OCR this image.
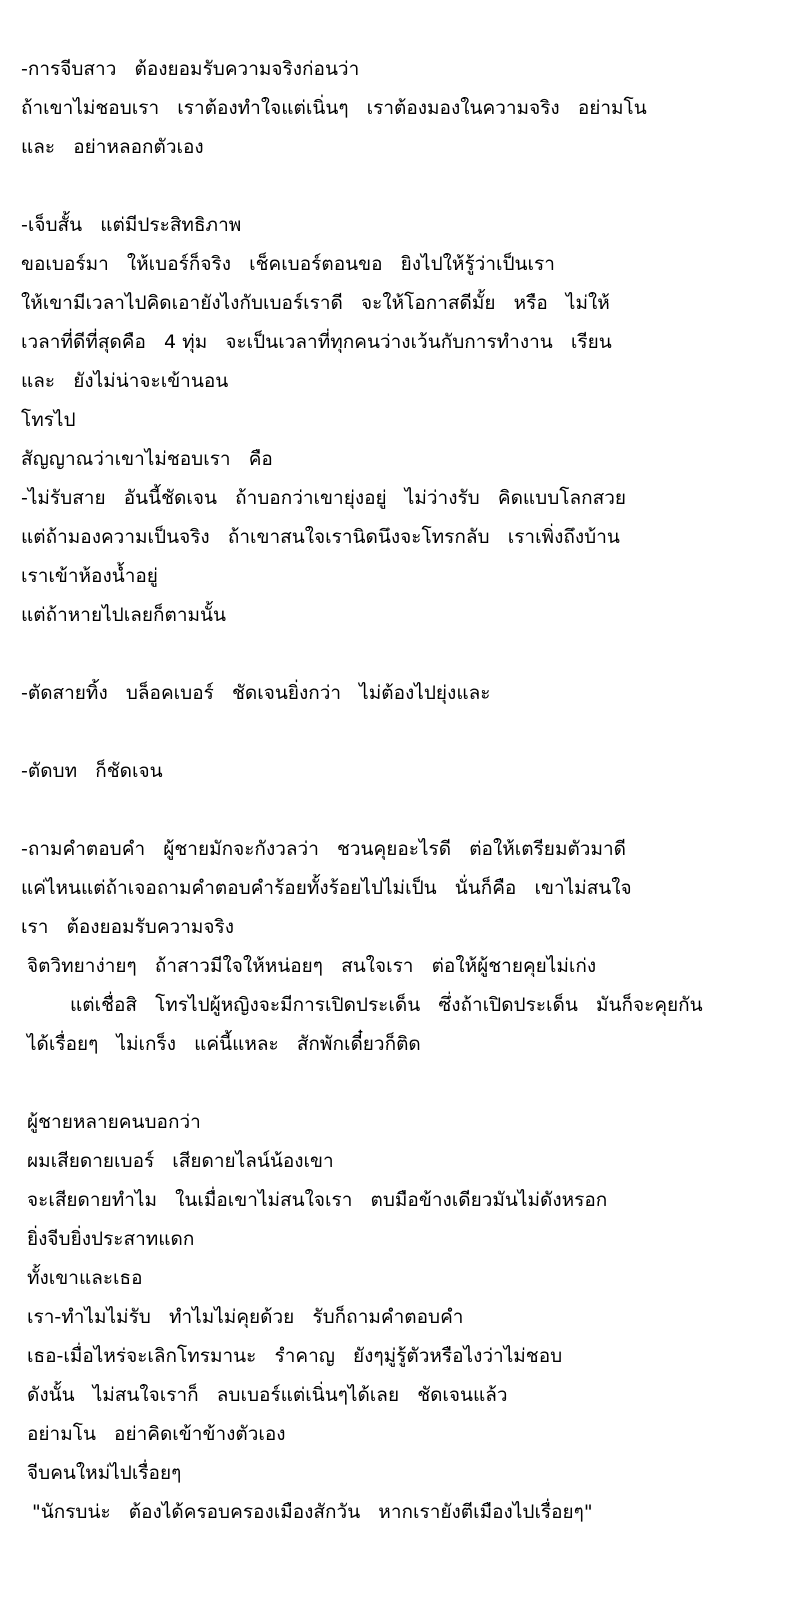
-การจีบสาว   ต้องยอมรับความจริงก่อนว่า
ถ้าเขาไม่ชอบเรา   เราต้องทำใจแต่เนิ่นๆ   เราต้องมองในความจริง   อย่ามโน
และ   อย่าหลอกตัวเอง
-เจ็บสั้น   แต่มีประสิทธิภาพ
ขอเบอร์มา   ให้เบอร์ก็จริง   เช็คเบอร์ตอนขอ   ยิงไปให้รู้ว่าเป็นเรา
ให้เขามีเวลาไปคิดเอายังไงกับเบอร์เราดี   จะให้โอกาสดีมั้ย   หรือ   ไม่ให้
เวลาที่ดีที่สุดคือ   4 ทุ่ม   จะเป็นเวลาที่ทุกคนว่างเว้นกับการทำงาน   เรียน
และ   ยังไม่น่าจะเข้านอน
โทรไป
สัญญาณว่าเขาไม่ชอบเรา   คือ
-ไม่รับสาย   อันนี้ชัดเจน   ถ้าบอกว่าเขายุ่งอยู่   ไม่ว่างรับ   คิดแบบโลกสวย
แต่ถ้ามองความเป็นจริง   ถ้าเขาสนใจเรานิดนึงจะโทรกลับ   เราเพิ่งถึงบ้าน
เราเข้าห้องน้ำอยู่
แต่ถ้าหายไปเลยก็ตามนั้น
-ตัดสายทิ้ง   บล็อคเบอร์   ชัดเจนยิ่งกว่า   ไม่ต้องไปยุ่งและ
-ตัดบท   ก็ชัดเจน
-ถามคำตอบคำ   ผู้ชายมักจะกังวลว่า   ชวนคุยอะไรดี   ต่อให้เตรียมตัวมาดี
แค่ไหนแต่ถ้าเจอถามคำตอบคำร้อยทั้งร้อยไปไม่เป็น   นั่นก็คือ   เขาไม่สนใจ
เรา   ต้องยอมรับความจริง
จิตวิทยาง่ายๆ   ถ้าสาวมีใจให้หน่อยๆ   สนใจเรา   ต่อให้ผู้ชายคุยไม่เก่ง
แต่เชื่อสิ   โทรไปผู้หญิงจะมีการเปิดประเด็น   ซึ่งถ้าเปิดประเด็น   มันก็จะคุยกัน
ได้เรื่อยๆ   ไม่เกร็ง   แค่นี้แหละ   สักพักเดี๋ยวก็ติด
ผู้ชายหลายคนบอกว่า
ผมเสียดายเบอร์   เสียดายไลน์น้องเขา
จะเสียดายทำไม   ในเมื่อเขาไม่สนใจเรา   ตบมือข้างเดียวมันไม่ดังหรอก
ยิ่งจีบยิ่งประสาทแดก
ทั้งเขาและเธอ
เรา-ทำไมไม่รับ   ทำไมไม่คุยด้วย   รับก็ถามคำตอบคำ
เธอ-เมื่อไหร่จะเลิกโทรมานะ   รำคาญ   ยังๆมู่รู้ตัวหรือไงว่าไม่ชอบ
ดังนั้น   ไม่สนใจเราก็   ลบเบอร์แต่เนิ่นๆได้เลย   ชัดเจนแล้ว
อย่ามโน   อย่าคิดเข้าข้างตัวเอง
จีบคนใหม่ไปเรื่อยๆ
"นักรบน่ะ   ต้องได้ครอบครองเมืองสักวัน   หากเรายังตีเมืองไปเรื่อยๆ"
